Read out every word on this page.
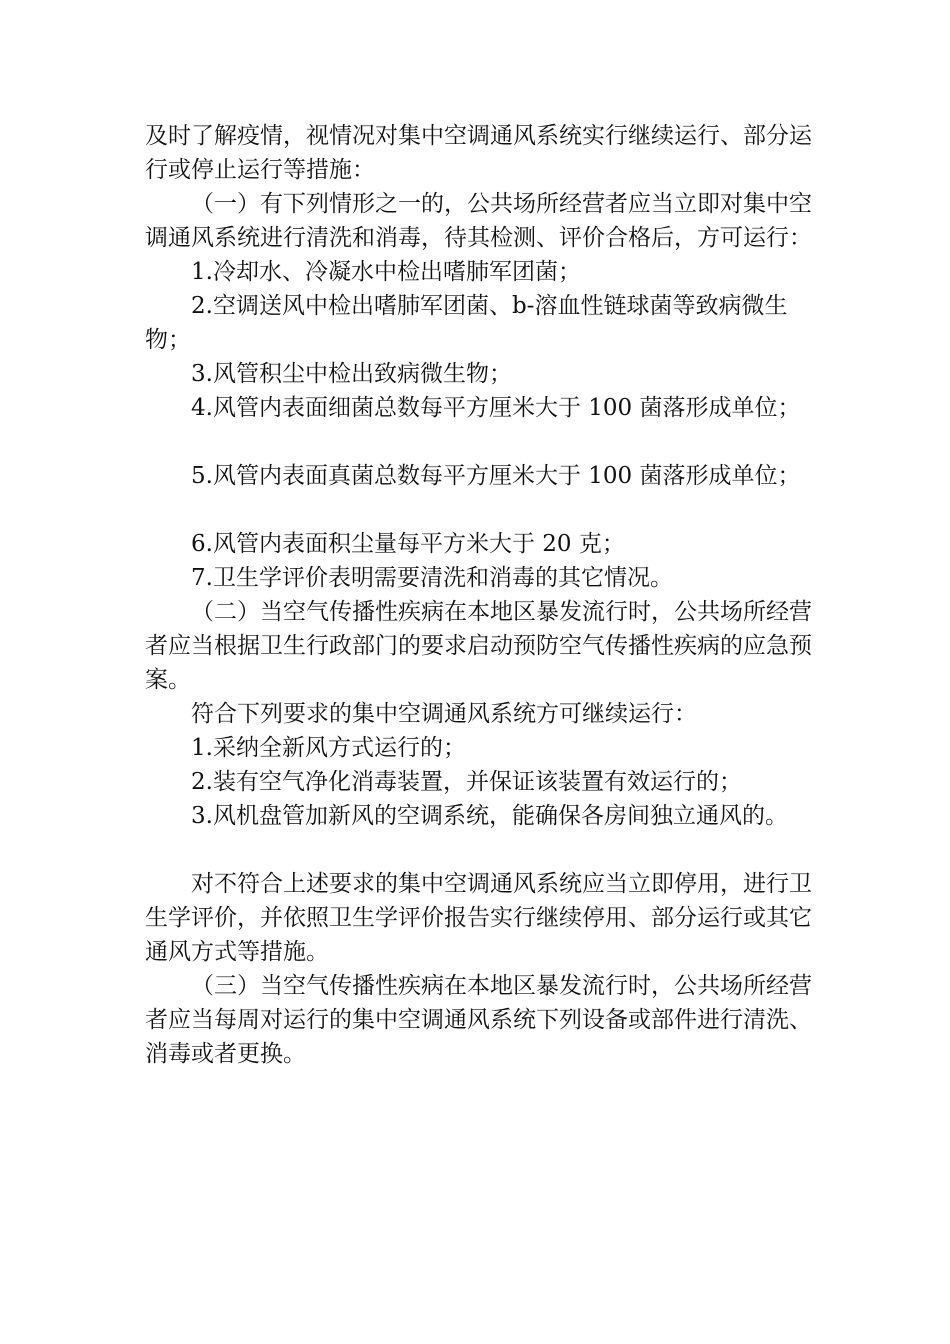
及时了解疫情，视情况对集中空调通风系统实行继续运行、部分运行或停止运行等措施：

（一）有下列情形之一的，公共场所经营者应当立即对集中空调通风系统进行清洗和消毒，待其检测、评价合格后，方可运行：

1.冷却水、冷凝水中检出嗜肺军团菌；

2.空调送风中检出嗜肺军团菌、b-溶血性链球菌等致病微生物；

3.风管积尘中检出致病微生物；

4.风管内表面细菌总数每平方厘米大于 100 菌落形成单位；

5.风管内表面真菌总数每平方厘米大于 100 菌落形成单位；

6.风管内表面积尘量每平方米大于 20 克；

7.卫生学评价表明需要清洗和消毒的其它情况。

（二）当空气传播性疾病在本地区暴发流行时，公共场所经营者应当根据卫生行政部门的要求启动预防空气传播性疾病的应急预案。

符合下列要求的集中空调通风系统方可继续运行：

1.采纳全新风方式运行的；

2.装有空气净化消毒装置，并保证该装置有效运行的；

3.风机盘管加新风的空调系统，能确保各房间独立通风的。

对不符合上述要求的集中空调通风系统应当立即停用，进行卫生学评价，并依照卫生学评价报告实行继续停用、部分运行或其它通风方式等措施。

（三）当空气传播性疾病在本地区暴发流行时，公共场所经营者应当每周对运行的集中空调通风系统下列设备或部件进行清洗、消毒或者更换。
